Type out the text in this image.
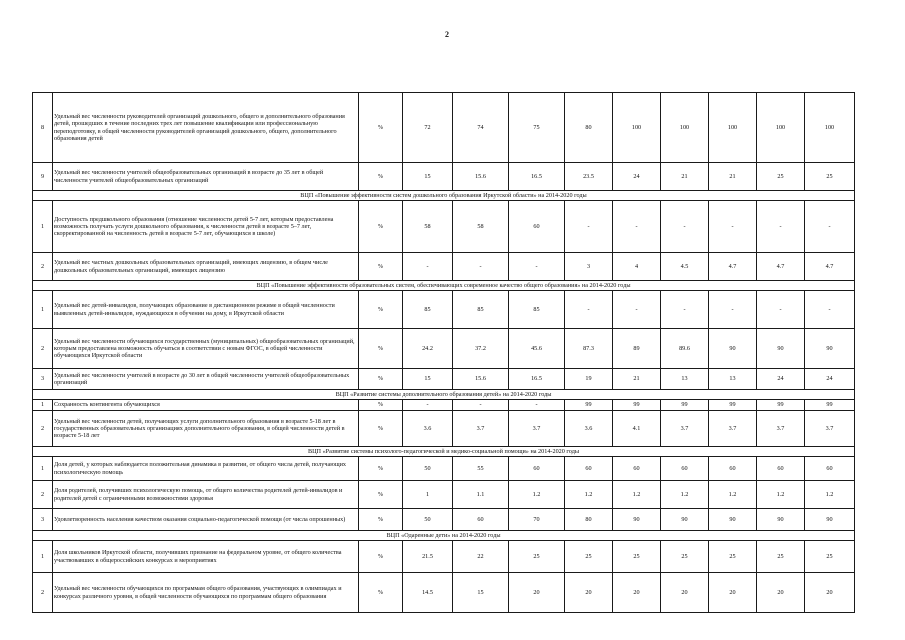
2
8	Удельный вес численности руководителей организаций дошкольного, общего и дополнительного образования детей, прошедших в течение последних трех лет повышение квалификации или профессиональную переподготовку, в общей численности руководителей организаций дошкольного, общего, дополнительного образования детей	%	72	74	75	80	100	100	100	100	100
9	Удельный вес численности учителей общеобразовательных организаций в возрасте до 35 лет в общей численности учителей общеобразовательных организаций	%	15	15.6	16.5	23.5	24	21	21	25	25
ВЦП «Повышение эффективности систем дошкольного образования Иркутской области» на 2014-2020 годы											
1	Доступность предшкольного образования (отношение численности детей 5-7 лет, которым предоставлена возможность получать услуги дошкольного образования, к численности детей в возрасте 5–7 лет, скорректированной на численность детей в возрасте 5-7 лет, обучающихся в школе)	%	58	58	60	-	-	-	-	-	-
2	Удельный вес частных дошкольных образовательных организаций, имеющих лицензию, в общем числе дошкольных образовательных организаций, имеющих лицензию	%	-	-	-	3	4	4.5	4.7	4.7	4.7
ВЦП «Повышение эффективности образовательных систем, обеспечивающих современное качество общего образования» на 2014-2020 годы											
1	Удельный вес детей-инвалидов, получающих образование в дистанционном режиме в общей численности выявленных детей-инвалидов, нуждающихся в обучении на дому, в Иркутской области	%	85	85	85	-	-	-	-	-	-
2	Удельный вес численности обучающихся государственных (муниципальных) общеобразовательных организаций, которым предоставлена возможность обучаться в соответствии с новым ФГОС, в общей численности обучающихся Иркутской области	%	24.2	37.2	45.6	87.3	89	89.6	90	90	90
3	Удельный вес численности учителей в возрасте до 30 лет в общей численности учителей общеобразовательных организаций	%	15	15.6	16.5	19	21	13	13	24	24
ВЦП «Развитие системы дополнительного образования детей» на 2014-2020 годы											
1	Сохранность контингента обучающихся	%	-	-	-	99	99	99	99	99	99
2	Удельный вес численности детей, получающих услуги дополнительного образования в возрасте 5-18 лет в государственных образовательных организациях дополнительного образования, в общей численности детей в возрасте 5-18 лет	%	3.6	3.7	3.7	3.6	4.1	3.7	3.7	3.7	3.7
ВЦП «Развитие системы психолого-педагогической и медико-социальной помощи» на 2014-2020 годы											
1	Доля детей, у которых наблюдается положительная динамика в развитии, от общего числа детей, получающих психологическую помощь	%	50	55	60	60	60	60	60	60	60
2	Доля родителей, получивших психологическую помощь, от общего количества родителей детей-инвалидов и родителей детей с ограниченными возможностями здоровья	%	1	1.1	1.2	1.2	1.2	1.2	1.2	1.2	1.2
3	Удовлетворенность населения качеством оказания социально-педагогической помощи (от числа опрошенных)	%	50	60	70	80	90	90	90	90	90
ВЦП «Одаренные дети» на 2014-2020 годы											
1	Доля школьников Иркутской области, получивших признание на федеральном уровне, от общего количества участвовавших в общероссийских конкурсах и мероприятиях	%	21.5	22	25	25	25	25	25	25	25
2	Удельный вес численности обучающихся по программам общего образования, участвующих в олимпиадах и конкурсах различного уровня, в общей численности обучающихся по программам общего образования	%	14.5	15	20	20	20	20	20	20	20
